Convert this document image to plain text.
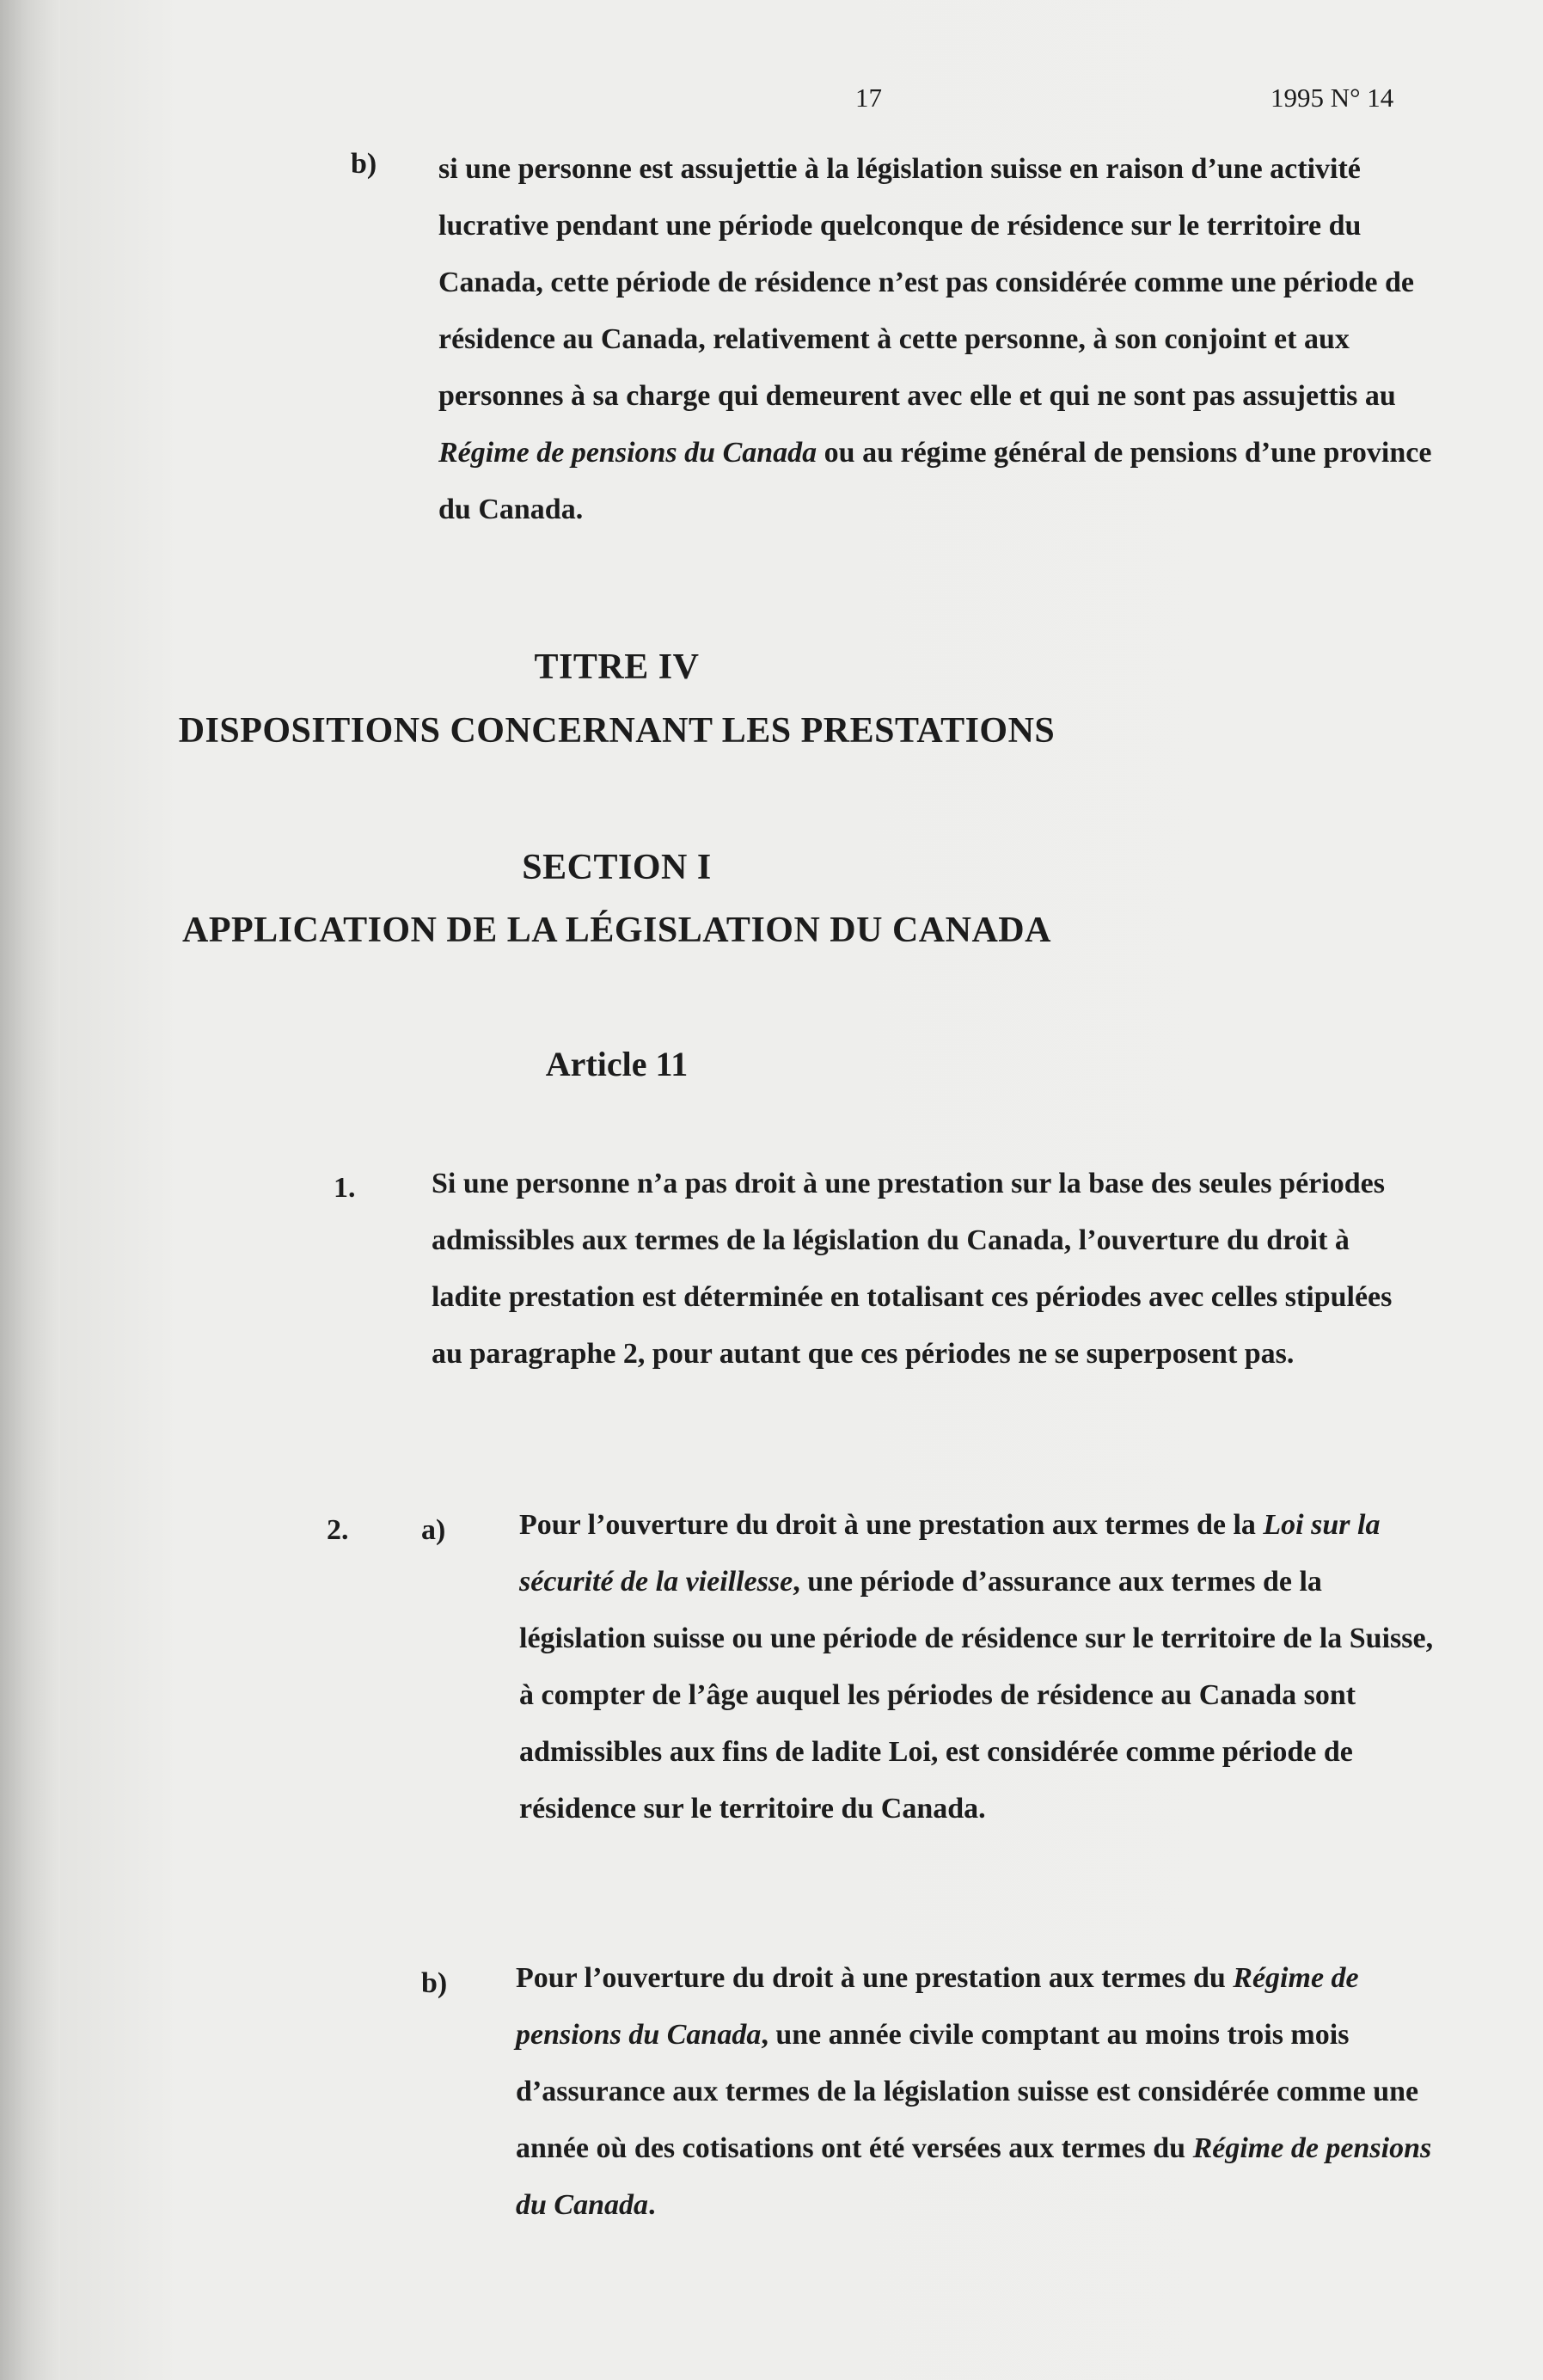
17	1995 N° 14
b) si une personne est assujettie à la législation suisse en raison d’une activité lucrative pendant une période quelconque de résidence sur le territoire du Canada, cette période de résidence n’est pas considérée comme une période de résidence au Canada, relativement à cette personne, à son conjoint et aux personnes à sa charge qui demeurent avec elle et qui ne sont pas assujettis au Régime de pensions du Canada ou au régime général de pensions d’une province du Canada.

TITRE IV
DISPOSITIONS CONCERNANT LES PRESTATIONS
SECTION I
APPLICATION DE LA LÉGISLATION DU CANADA
Article 11
1.	Si une personne n’a pas droit à une prestation sur la base des seules périodes admissibles aux termes de la législation du Canada, l’ouverture du droit à ladite prestation est déterminée en totalisant ces périodes avec celles stipulées au paragraphe 2, pour autant que ces périodes ne se superposent pas.

2. a)	Pour l’ouverture du droit à une prestation aux termes de la Loi sur la sécurité de la vieillesse, une période d’assurance aux termes de la législation suisse ou une période de résidence sur le territoire de la Suisse, à compter de l’âge auquel les périodes de résidence au Canada sont admissibles aux fins de ladite Loi, est considérée comme période de résidence sur le territoire du Canada.

b) Pour l’ouverture du droit à une prestation aux termes du Régime de pensions du Canada, une année civile comptant au moins trois mois d’assurance aux termes de la législation suisse est considérée comme une année où des cotisations ont été versées aux termes du Régime de pensions du Canada.
